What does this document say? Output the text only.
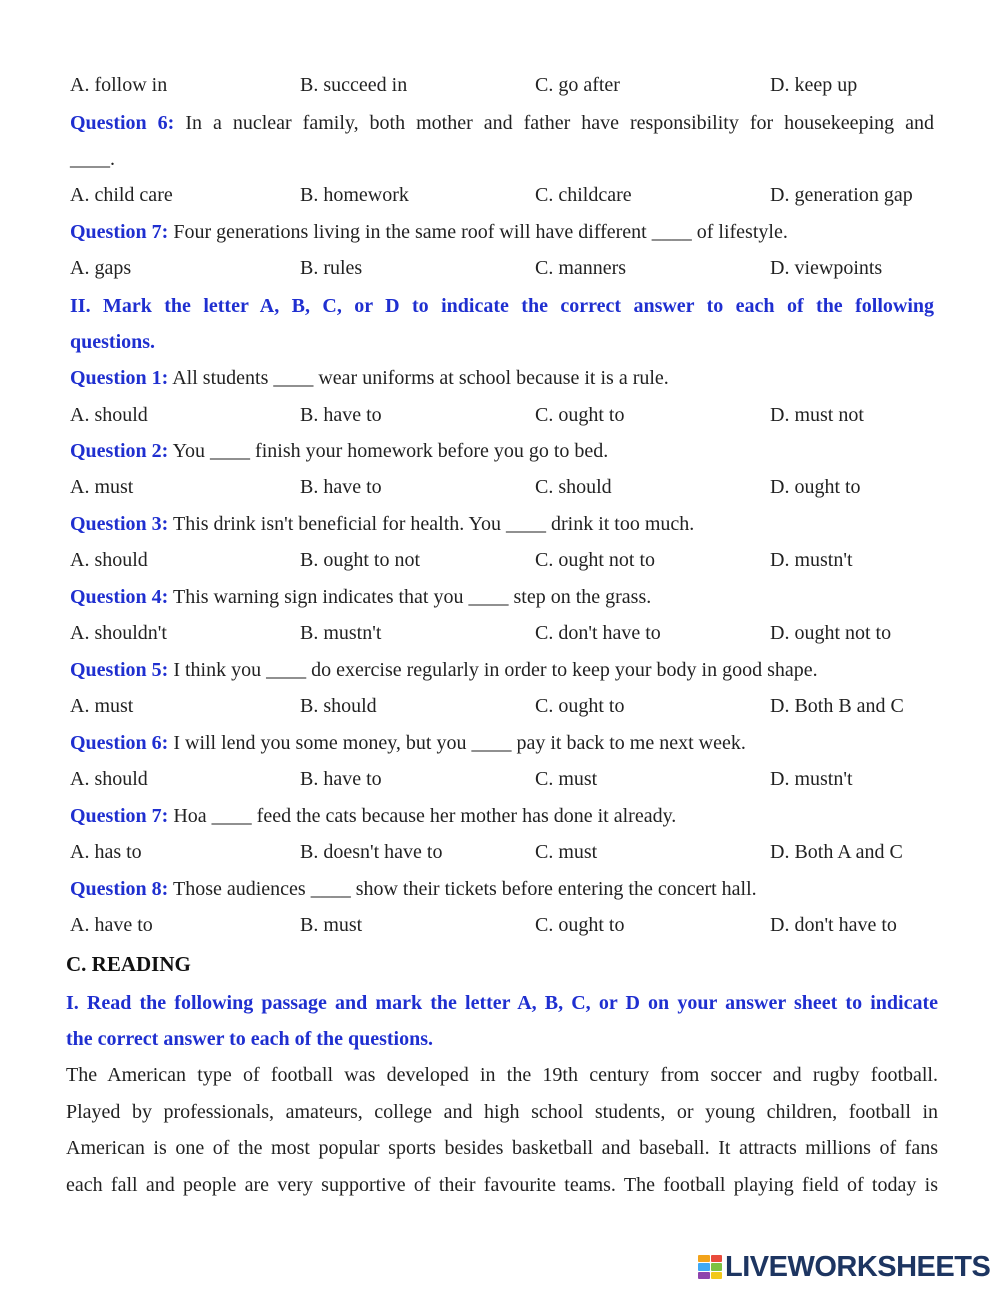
A. follow in	B. succeed in	C. go after	D. keep up
Question 6: In a nuclear family, both mother and father have responsibility for housekeeping and
____.
A. child care	B. homework	C. childcare	D. generation gap
Question 7: Four generations living in the same roof will have different ____ of lifestyle.
A. gaps	B. rules	C. manners	D. viewpoints
II. Mark the letter A, B, C, or D to indicate the correct answer to each of the following
questions.
Question 1: All students ____ wear uniforms at school because it is a rule.
A. should	B. have to	C. ought to	D. must not
Question 2: You ____ finish your homework before you go to bed.
A. must	B. have to	C. should	D. ought to
Question 3: This drink isn't beneficial for health. You ____ drink it too much.
A. should	B. ought to not	C. ought not to	D. mustn't
Question 4: This warning sign indicates that you ____ step on the grass.
A. shouldn't	B. mustn't	C. don't have to	D. ought not to
Question 5: I think you ____ do exercise regularly in order to keep your body in good shape.
A. must	B. should	C. ought to	D. Both B and C
Question 6: I will lend you some money, but you ____ pay it back to me next week.
A. should	B. have to	C. must	D. mustn't
Question 7: Hoa ____ feed the cats because her mother has done it already.
A. has to	B. doesn't have to	C. must	D. Both A and C
Question 8: Those audiences ____ show their tickets before entering the concert hall.
A. have to	B. must	C. ought to	D. don't have to
C. READING
I. Read the following passage and mark the letter A, B, C, or D on your answer sheet to indicate
the correct answer to each of the questions.
The American type of football was developed in the 19th century from soccer and rugby football.
Played by professionals, amateurs, college and high school students, or young children, football in
American is one of the most popular sports besides basketball and baseball. It attracts millions of fans
each fall and people are very supportive of their favourite teams. The football playing field of today is
LIVEWORKSHEETS
